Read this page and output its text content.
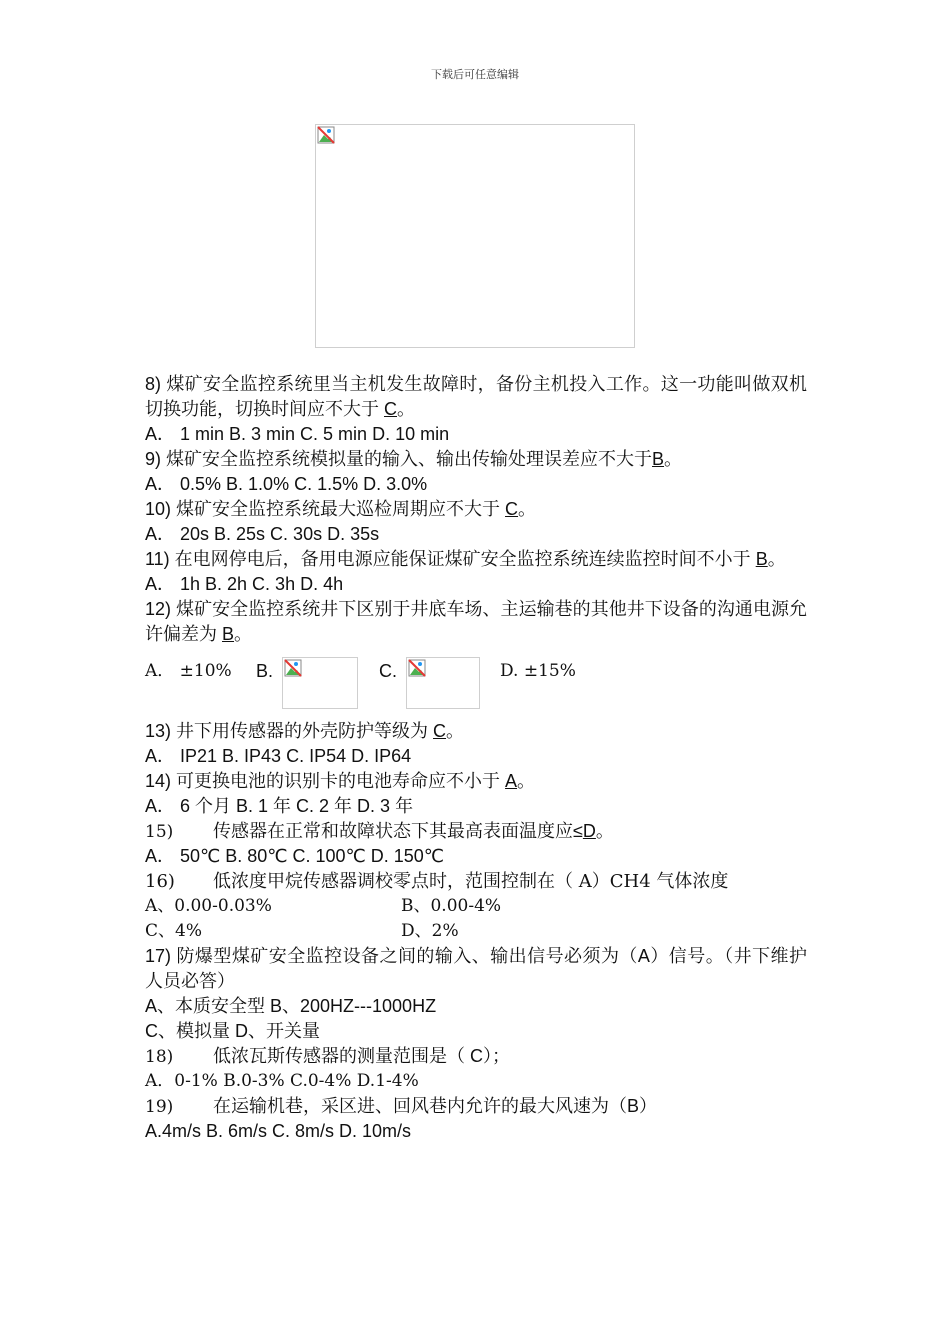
下载后可任意编辑
8) 煤矿安全监控系统里当主机发生故障时，备份主机投入工作。这一功能叫做双机切换功能，切换时间应不大于 C。
A． 1 min B. 3 min C. 5 min D. 10 min
9) 煤矿安全监控系统模拟量的输入、输出传输处理误差应不大于B。
A． 0.5% B. 1.0% C. 1.5% D. 3.0%
10) 煤矿安全监控系统最大巡检周期应不大于 C。
A． 20s B. 25s C. 30s D. 35s
11) 在电网停电后，备用电源应能保证煤矿安全监控系统连续监控时间不小于 B。
A． 1h B. 2h C. 3h D. 4h
12) 煤矿安全监控系统井下区别于井底车场、主运输巷的其他井下设备的沟通电源允许偏差为 B。
A． ±10% B.	C.	D. ±15%
13) 井下用传感器的外壳防护等级为 C。
A． IP21 B. IP43 C. IP54 D. IP64
14) 可更换电池的识别卡的电池寿命应不小于 A。
A． 6 个月 B. 1 年 C. 2 年 D. 3 年
15) 传感器在正常和故障状态下其最高表面温度应≤D。
A． 50℃ B. 80℃ C. 100℃ D. 150℃
16) 低浓度甲烷传感器调校零点时，范围控制在（ A）CH4 气体浓度
A、0.00-0.03%	B、0.00-4%
C、4%	D、2%
17) 防爆型煤矿安全监控设备之间的输入、输出信号必须为（A）信号。（井下维护人员必答）
A、本质安全型 B、200HZ---1000HZ
C、模拟量 D、开关量
18) 低浓瓦斯传感器的测量范围是（ C）；
A．0-1% B.0-3% C.0-4% D.1-4%
19) 在运输机巷，采区进、回风巷内允许的最大风速为（B）
A.4m/s B. 6m/s C. 8m/s D. 10m/s
